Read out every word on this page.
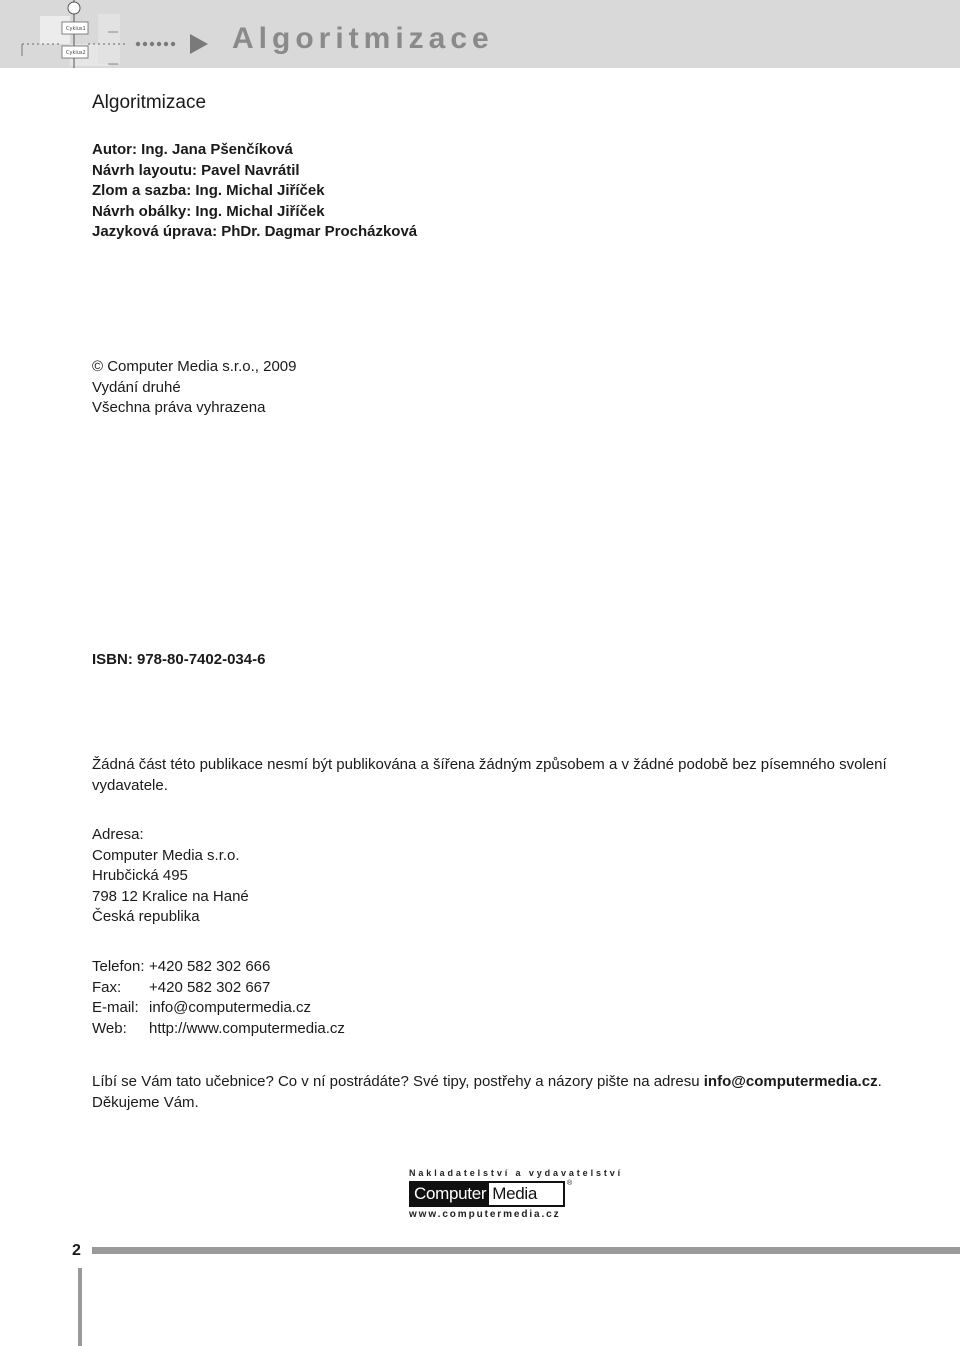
Cyklus1
Cyklus2	Algoritmizace
Algoritmizace
Autor: Ing. Jana Pšenčíková
Návrh layoutu: Pavel Navrátil
Zlom a sazba: Ing. Michal Jiříček
Návrh obálky: Ing. Michal Jiříček
Jazyková úprava: PhDr. Dagmar Procházková
© Computer Media s.r.o., 2009
Vydání druhé
Všechna práva vyhrazena
ISBN: 978-80-7402-034-6

Žádná část této publikace nesmí být publikována a šířena žádným způsobem a v žádné podobě bez písemného svolení vydavatele.

Adresa:
Computer Media s.r.o.
Hrubčická 495
798 12 Kralice na Hané
Česká republika
Telefon: +420 582 302 666
Fax:	+420 582 302 667
E-mail: info@computermedia.cz
Web:	http://www.computermedia.cz

Líbí se Vám tato učebnice? Co v ní postrádáte? Své tipy, postřehy a názory pište na adresu info@computermedia.cz.

Děkujeme Vám.

Nakladatelství a vydavatelství
Computer Media
®
www.computermedia.cz
2
